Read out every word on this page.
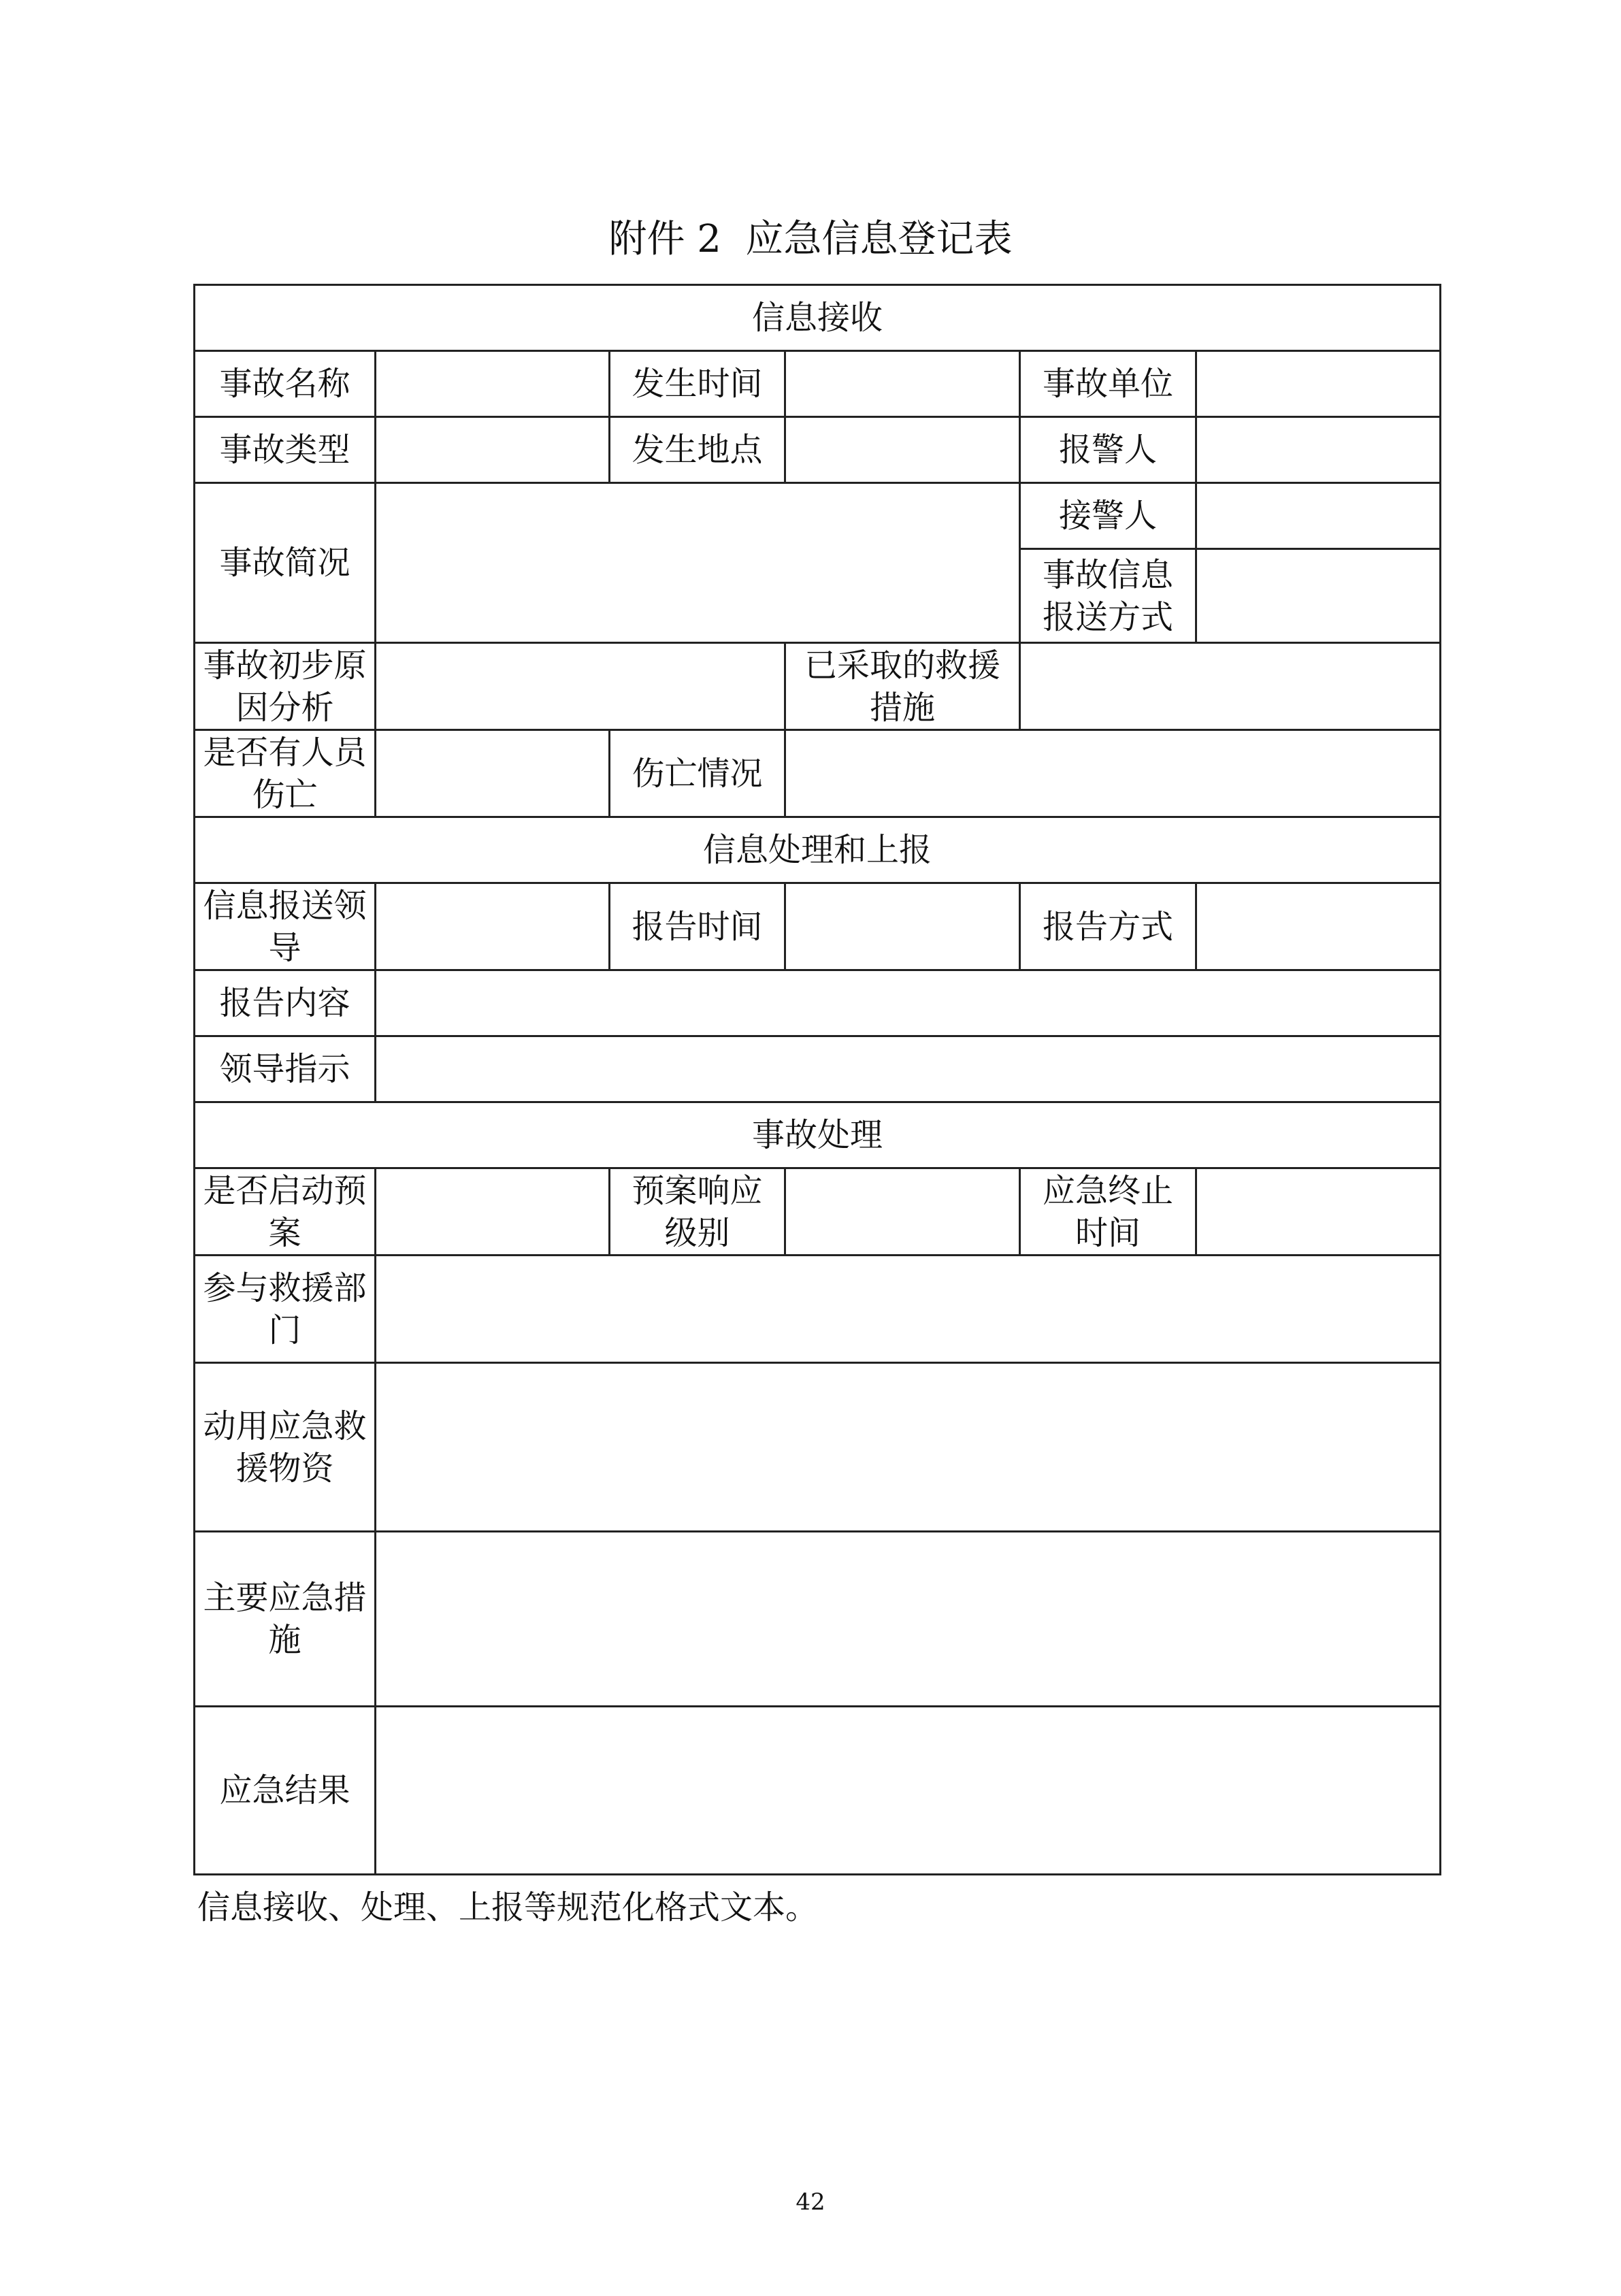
附件 2  应急信息登记表
信息接收					
事故名称		发生时间		事故单位	
事故类型		发生地点		报警人	
事故简况				接警人	
				事故信息报送方式	
事故初步原因分析			已采取的救援措施		
是否有人员伤亡		伤亡情况			
信息处理和上报					
信息报送领导		报告时间		报告方式	
报告内容					
领导指示					
事故处理					
是否启动预案		预案响应级别		应急终止时间	
参与救援部门					
动用应急救援物资					
主要应急措施					
应急结果					
信息接收、处理、上报等规范化格式文本。
42
